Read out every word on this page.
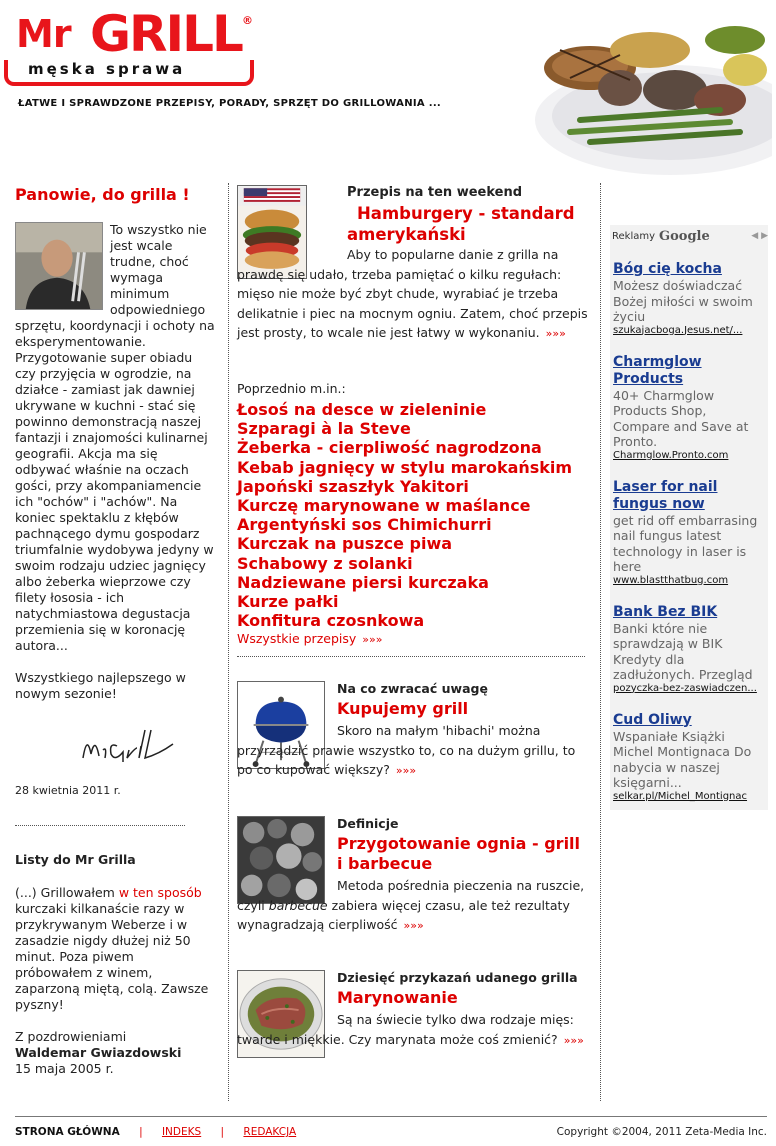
Mr GRILL ®
męska sprawa
ŁATWE I SPRAWDZONE PRZEPISY, PORADY, SPRZĘT DO GRILLOWANIA ...
Panowie, do grilla !
To wszystko nie jest wcale trudne, choć wymaga minimum odpowiedniego sprzętu, koordynacji i ochoty na eksperymentowanie. Przygotowanie super obiadu czy przyjęcia w ogrodzie, na działce - zamiast jak dawniej ukrywane w kuchni - stać się powinno demonstracją naszej fantazji i znajomości kulinarnej geografii. Akcja ma się odbywać właśnie na oczach gości, przy akompaniamencie ich "ochów" i "achów". Na koniec spektaklu z kłębów pachnącego dymu gospodarz triumfalnie wydobywa jedyny w swoim rodzaju udziec jagnięcy albo żeberka wieprzowe czy filety łososia - ich natychmiastowa degustacja przemienia się w koronację autora...
Wszystkiego najlepszego w nowym sezonie!
28 kwietnia 2011 r.
Listy do Mr Grilla
(...) Grillowałem w ten sposób kurczaki kilkanaście razy w przykrywanym Weberze i w zasadzie nigdy dłużej niż 50 minut. Poza piwem próbowałem z winem, zaparzoną miętą, colą. Zawsze pyszny!
Z pozdrowieniami
Waldemar Gwiazdowski
15 maja 2005 r.
Przepis na ten weekend
Hamburgery - standard amerykański
Aby to popularne danie z grilla na prawdę się udało, trzeba pamiętać o kilku regułach: mięso nie może być zbyt chude, wyrabiać je trzeba delikatnie i piec na mocnym ogniu. Zatem, choć przepis jest prosty, to wcale nie jest łatwy w wykonaniu. »»»
Poprzednio m.in.:
Łosoś na desce w zieleninie
Szparagi à la Steve
Żeberka - cierpliwość nagrodzona
Kebab jagnięcy w stylu marokańskim
Japoński szaszłyk Yakitori
Kurczę marynowane w maślance
Argentyński sos Chimichurri
Kurczak na puszce piwa
Schabowy z solanki
Nadziewane piersi kurczaka
Kurze pałki
Konfitura czosnkowa
Wszystkie przepisy »»»
Na co zwracać uwagę
Kupujemy grill
Skoro na małym 'hibachi' można przyrządzić prawie wszystko to, co na dużym grillu, to po co kupować większy? »»»
Definicje
Przygotowanie ognia - grill i barbecue
Metoda pośrednia pieczenia na ruszcie, czyli barbecue zabiera więcej czasu, ale też rezultaty wynagradzają cierpliwość »»»
Dziesięć przykazań udanego grilla
Marynowanie
Są na świecie tylko dwa rodzaje mięs: twarde i miękkie. Czy marynata może coś zmienić? »»»
Reklamy Google	◀ ▶
Bóg cię kocha
Możesz doświadczać Bożej miłości w swoim życiu
szukajacboga.Jesus.net/...
Charmglow Products
40+ Charmglow Products Shop, Compare and Save at Pronto.
Charmglow.Pronto.com
Laser for nail fungus now
get rid off embarrasing nail fungus latest technology in laser is here
www.blastthatbug.com
Bank Bez BIK
Banki które nie sprawdzają w BIK Kredyty dla zadłużonych. Przegląd
pozyczka-bez-zaswiadczen...
Cud Oliwy
Wspaniałe Książki Michel Montignaca Do nabycia w naszej księgarni...
selkar.pl/Michel_Montignac
STRONA GŁÓWNA | INDEKS | REDAKCJA	Copyright ©2004, 2011 Zeta-Media Inc.
